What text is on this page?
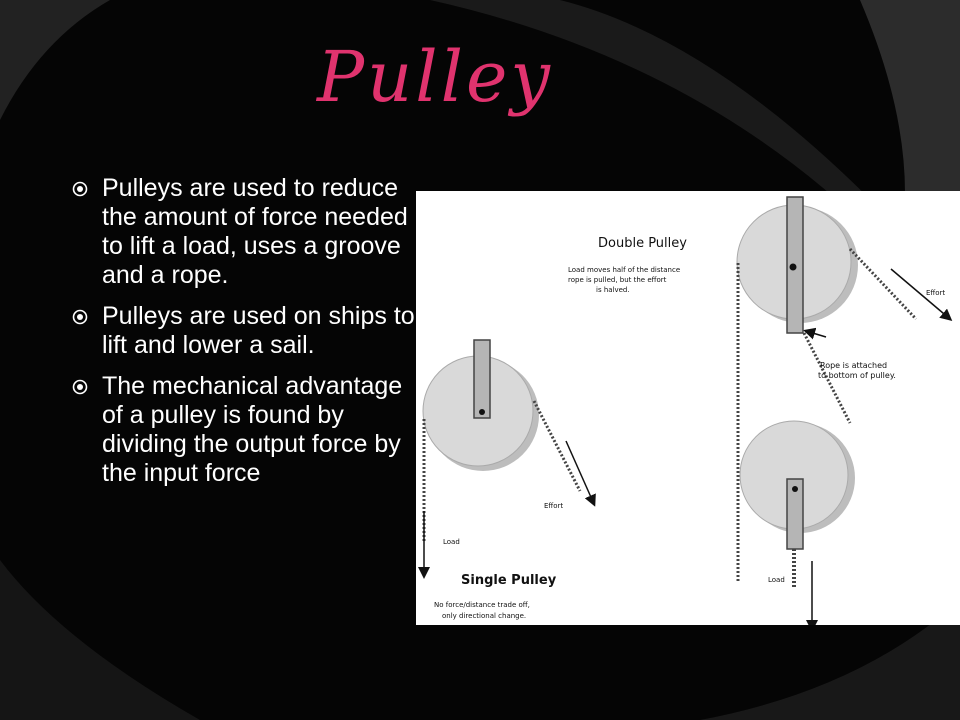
Pulley
Pulleys are used to reduce the amount of force needed to lift a load, uses a groove and a rope.
Pulleys are used on ships to lift and lower a sail.
The mechanical advantage of a pulley is found by dividing the output force by the input force
Double Pulley
Load moves half of the distance
rope is pulled, but the effort
is halved.	Effort
Rope is attached
to bottom of pulley.
Load
Single Pulley
Effort
Load
No force/distance trade off,
only directional change.
